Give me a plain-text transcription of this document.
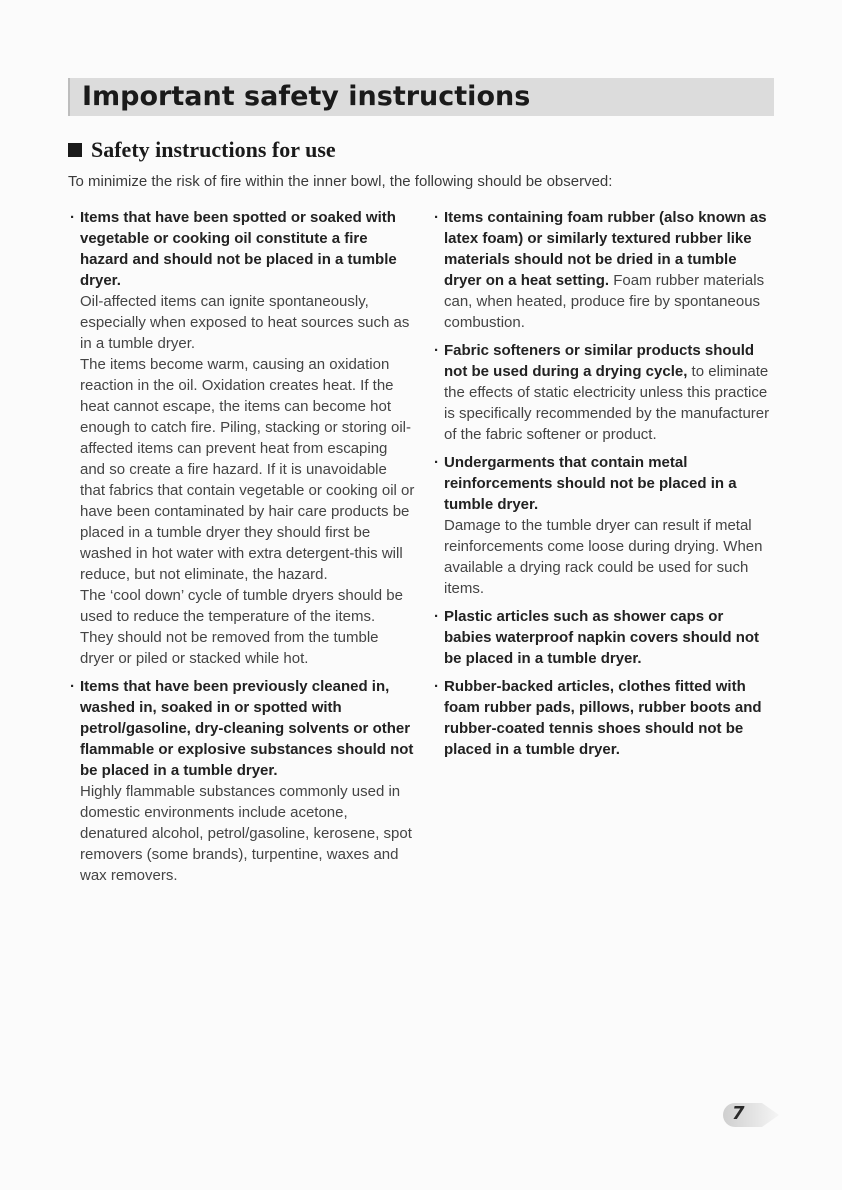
Important safety instructions
Safety instructions for use
To minimize the risk of fire within the inner bowl, the following should be observed:
· Items that have been spotted or soaked with vegetable or cooking oil constitute a fire hazard and should not be placed in a tumble dryer.

Oil-affected items can ignite spontaneously, especially when exposed to heat sources such as in a tumble dryer.

The items become warm, causing an oxidation reaction in the oil. Oxidation creates heat. If the heat cannot escape, the items can become hot enough to catch fire. Piling, stacking or storing oil-affected items can prevent heat from escaping and so create a fire hazard. If it is unavoidable that fabrics that contain vegetable or cooking oil or have been contaminated by hair care products be placed in a tumble dryer they should first be washed in hot water with extra detergent-this will reduce, but not eliminate, the hazard.

The ‘cool down’ cycle of tumble dryers should be used to reduce the temperature of the items.

They should not be removed from the tumble dryer or piled or stacked while hot.

· Items that have been previously cleaned in, washed in, soaked in or spotted with petrol/gasoline, dry-cleaning solvents or other flammable or explosive substances should not be placed in a tumble dryer.

Highly flammable substances commonly used in domestic environments include acetone, denatured alcohol, petrol/gasoline, kerosene, spot removers (some brands), turpentine, waxes and wax removers.

· Items containing foam rubber (also known as latex foam) or similarly textured rubber like materials should not be dried in a tumble dryer on a heat setting. Foam rubber materials can, when heated, produce fire by spontaneous combustion.

· Fabric softeners or similar products should not be used during a drying cycle, to eliminate the effects of static electricity unless this practice is specifically recommended by the manufacturer of the fabric softener or product.

· Undergarments that contain metal reinforcements should not be placed in a tumble dryer.

Damage to the tumble dryer can result if metal reinforcements come loose during drying. When available a drying rack could be used for such items.

· Plastic articles such as shower caps or babies waterproof napkin covers should not be placed in a tumble dryer.

· Rubber-backed articles, clothes fitted with foam rubber pads, pillows, rubber boots and rubber-coated tennis shoes should not be placed in a tumble dryer.

7
